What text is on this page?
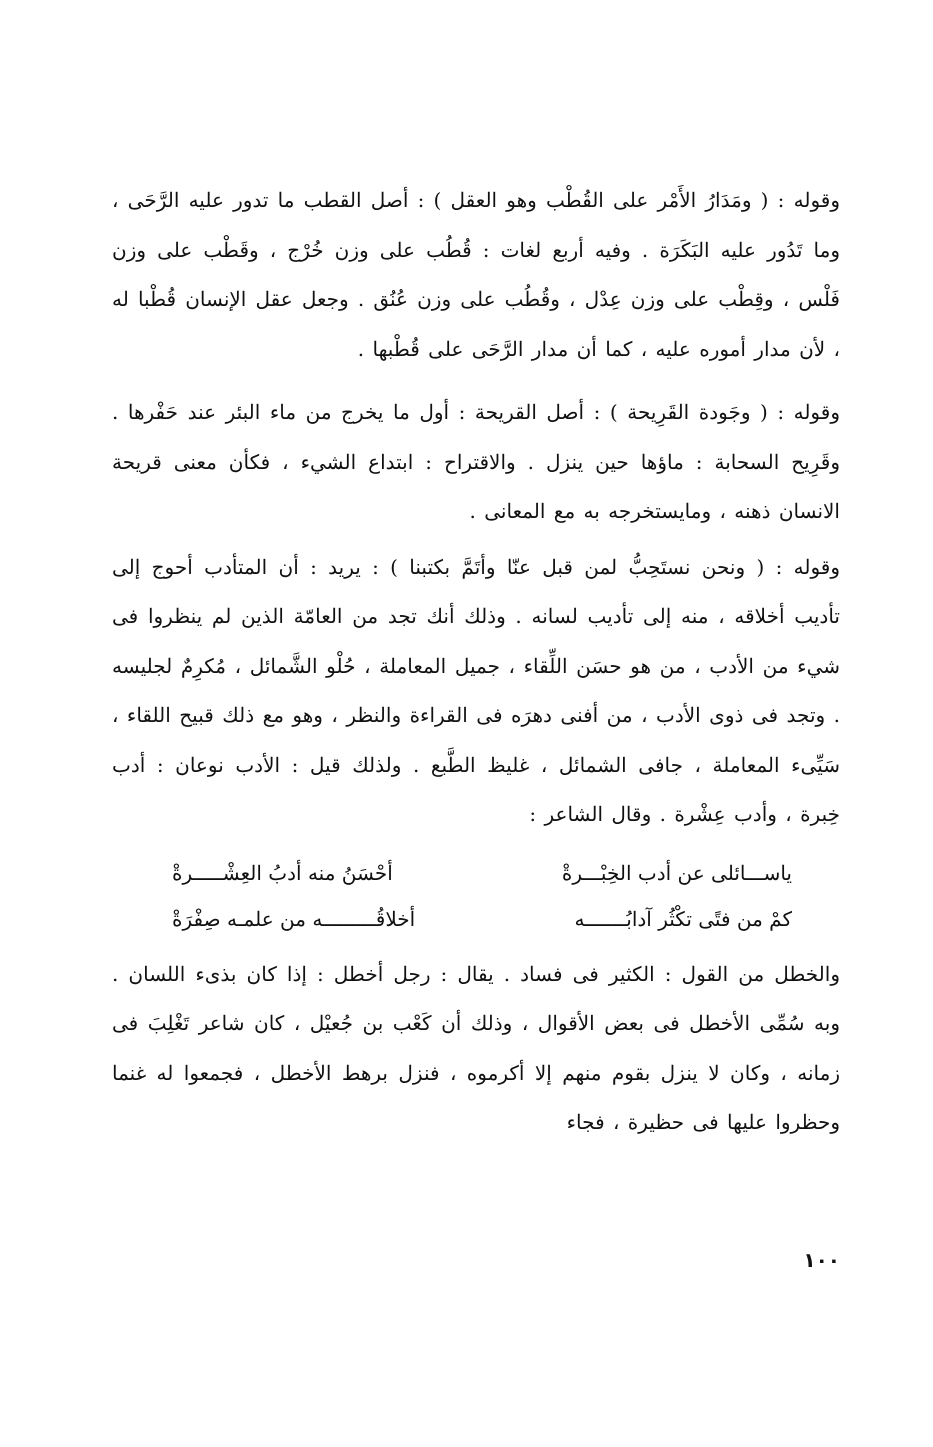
وقوله : ( ومَدَارُ الأَمْر على القُطْب وهو العقل ) : أصل القطب ما تدور عليه الرَّحَى ، وما تَدُور عليه البَكَرَة . وفيه أربع لغات : قُطُب على وزن خُرْج ، وقَطْب على وزن فَلْس ، وقِطْب على وزن عِدْل ، وقُطُب على وزن عُنُق . وجعل عقل الإنسان قُطْبا له ، لأن مدار أموره عليه ، كما أن مدار الرَّحَى على قُطْبها .

وقوله : ( وجَودة القَرِيحة ) : أصل القريحة : أول ما يخرج من ماء البئر عند حَفْرها . وقَرِيح السحابة : ماؤها حين ينزل . والاقتراح : ابتداع الشيء ، فكأن معنى قريحة الانسان ذهنه ، ومايستخرجه به مع المعانى .

وقوله : ( ونحن نستَحِبُّ لمن قبل عنّا وأتَمَّ بكتبنا ) : يريد : أن المتأدب أحوج إلى تأديب أخلاقه ، منه إلى تأديب لسانه . وذلك أنك تجد من العامّة الذين لم ينظروا فى شيء من الأدب ، من هو حسَن اللِّقاء ، جميل المعاملة ، حُلْو الشَّمائل ، مُكرِمٌ لجليسه . وتجد فى ذوى الأدب ، من أفنى دهرَه فى القراءة والنظر ، وهو مع ذلك قبيح اللقاء ، سَيِّىء المعاملة ، جافى الشمائل ، غليظ الطَّبع . ولذلك قيل : الأدب نوعان : أدب خِبرة ، وأدب عِشْرة . وقال الشاعر :

ياســـائلى عن أدب الخِبْـــرةْ
أحْسَنُ منه أدبُ العِشْـــــرةْ
كمْ من فتًى تكْثُر آدابُـــــــه
أخلاقُـــــــــه من علمـه صِفْرَةْ

والخطل من القول : الكثير فى فساد . يقال : رجل أخطل : إذا كان بذىء اللسان . وبه سُمِّى الأخطل فى بعض الأقوال ، وذلك أن كَعْب بن جُعيْل ، كان شاعر تَغْلِبَ فى زمانه ، وكان لا ينزل بقوم منهم إلا أكرموه ، فنزل برهط الأخطل ، فجمعوا له غنما وحظروا عليها فى حظيرة ، فجاء

١٠٠
